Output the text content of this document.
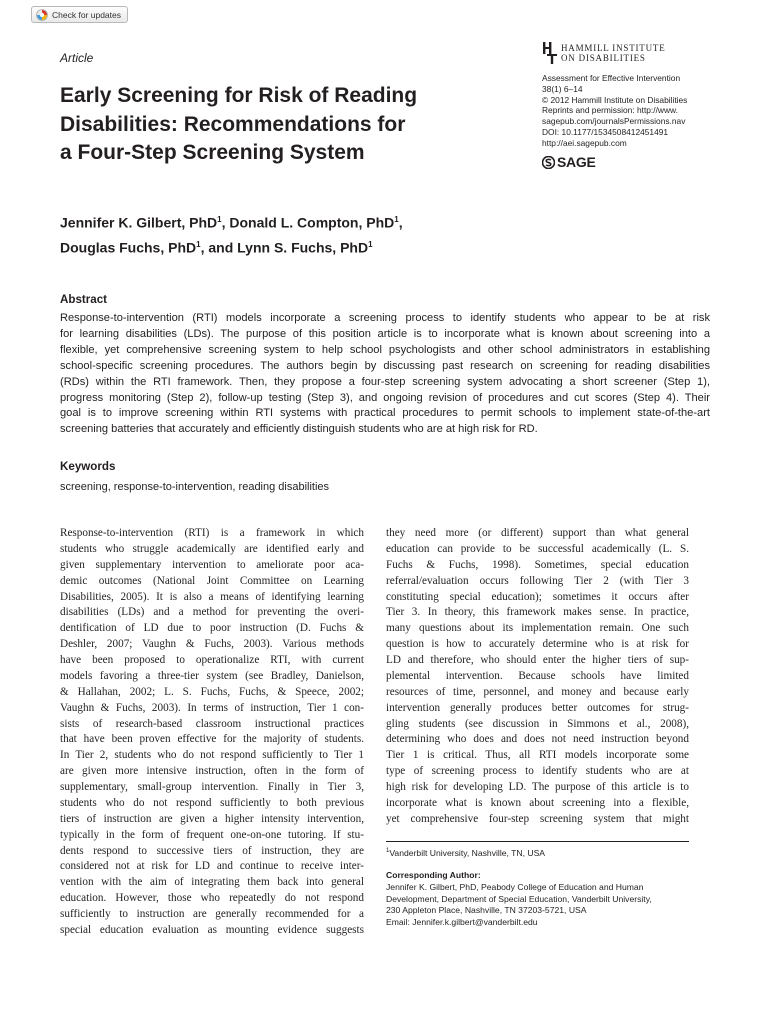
Check for updates
Article
HAMMILL INSTITUTE
ON DISABILITIES
Assessment for Effective Intervention
38(1) 6–14
© 2012 Hammill Institute on Disabilities
Reprints and permission: http://www.
sagepub.com/journalsPermissions.nav
DOI: 10.1177/1534508412451491
http://aei.sagepub.com
SAGE
Early Screening for Risk of Reading
Disabilities: Recommendations for
a Four-Step Screening System
Jennifer K. Gilbert, PhD$^1$, Donald L. Compton, PhD$^1$,
Douglas Fuchs, PhD$^1$, and Lynn S. Fuchs, PhD$^1$
Abstract
Response-to-intervention (RTI) models incorporate a screening process to identify students who appear to be at risk
for learning disabilities (LDs). The purpose of this position article is to incorporate what is known about screening into a
flexible, yet comprehensive screening system to help school psychologists and other school administrators in establishing
school-specific screening procedures. The authors begin by discussing past research on screening for reading disabilities
(RDs) within the RTI framework. Then, they propose a four-step screening system advocating a short screener (Step 1),
progress monitoring (Step 2), follow-up testing (Step 3), and ongoing revision of procedures and cut scores (Step 4). Their
goal is to improve screening within RTI systems with practical procedures to permit schools to implement state-of-the-art
screening batteries that accurately and efficiently distinguish students who are at high risk for RD.
Keywords
screening, response-to-intervention, reading disabilities
Response-to-intervention (RTI) is a framework in which
students who struggle academically are identified early and
given supplementary intervention to ameliorate poor aca-
demic outcomes (National Joint Committee on Learning
Disabilities, 2005). It is also a means of identifying learning
disabilities (LDs) and a method for preventing the overi-
dentification of LD due to poor instruction (D. Fuchs &
Deshler, 2007; Vaughn & Fuchs, 2003). Various methods
have been proposed to operationalize RTI, with current
models favoring a three-tier system (see Bradley, Danielson,
& Hallahan, 2002; L. S. Fuchs, Fuchs, & Speece, 2002;
Vaughn & Fuchs, 2003). In terms of instruction, Tier 1 con-
sists of research-based classroom instructional practices
that have been proven effective for the majority of students.
In Tier 2, students who do not respond sufficiently to Tier 1
are given more intensive instruction, often in the form of
supplementary, small-group intervention. Finally in Tier 3,
students who do not respond sufficiently to both previous
tiers of instruction are given a higher intensity intervention,
typically in the form of frequent one-on-one tutoring. If stu-
dents respond to successive tiers of instruction, they are
considered not at risk for LD and continue to receive inter-
vention with the aim of integrating them back into general
education. However, those who repeatedly do not respond
sufficiently to instruction are generally recommended for a
special education evaluation as mounting evidence suggests
they need more (or different) support than what general
education can provide to be successful academically (L. S.
Fuchs & Fuchs, 1998). Sometimes, special education
referral/evaluation occurs following Tier 2 (with Tier 3
constituting special education); sometimes it occurs after
Tier 3. In theory, this framework makes sense. In practice,
many questions about its implementation remain. One such
question is how to accurately determine who is at risk for
LD and therefore, who should enter the higher tiers of sup-
plemental intervention. Because schools have limited
resources of time, personnel, and money and because early
intervention generally produces better outcomes for strug-
gling students (see discussion in Simmons et al., 2008),
determining who does and does not need instruction beyond
Tier 1 is critical. Thus, all RTI models incorporate some
type of screening process to identify students who are at
high risk for developing LD. The purpose of this article is to
incorporate what is known about screening into a flexible,
yet comprehensive four-step screening system that might
$^1$Vanderbilt University, Nashville, TN, USA
Corresponding Author:
Jennifer K. Gilbert, PhD, Peabody College of Education and Human
Development, Department of Special Education, Vanderbilt University,
230 Appleton Place, Nashville, TN 37203-5721, USA
Email: Jennifer.k.gilbert@vanderbilt.edu
